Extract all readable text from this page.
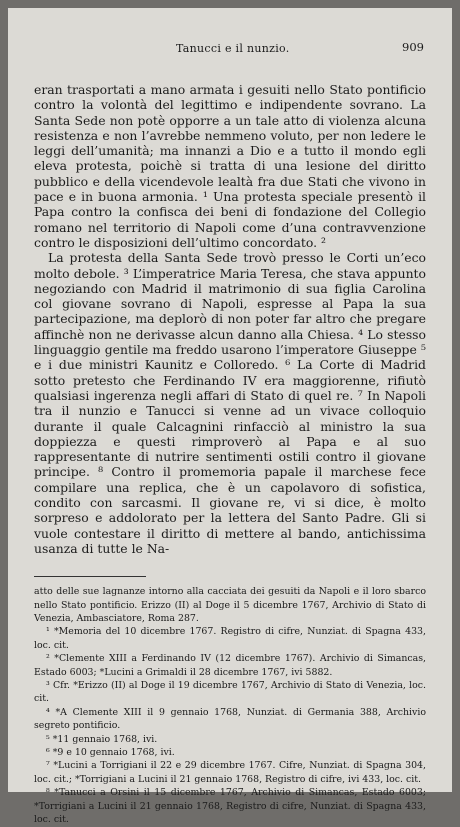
Tanucci e il nunzio.	909

eran trasportati a mano armata i gesuiti nello Stato pontificio contro la volontà del legittimo e indipendente sovrano. La Santa Sede non potè opporre a un tale atto di violenza alcuna resistenza e non l’avrebbe nemmeno voluto, per non ledere le leggi dell’umanità; ma innanzi a Dio e a tutto il mondo egli eleva protesta, poichè si tratta di una lesione del diritto pubblico e della vicendevole lealtà fra due Stati che vivono in pace e in buona armonia. ¹ Una protesta speciale presentò il Papa contro la confisca dei beni di fondazione del Collegio romano nel territorio di Napoli come d’una contravvenzione contro le disposizioni dell’ultimo concordato. ²

La protesta della Santa Sede trovò presso le Corti un’eco molto debole. ³ L’imperatrice Maria Teresa, che stava appunto negoziando con Madrid il matrimonio di sua figlia Carolina col giovane sovrano di Napoli, espresse al Papa la sua partecipazione, ma deplorò di non poter far altro che pregare affinchè non ne derivasse alcun danno alla Chiesa. ⁴ Lo stesso linguaggio gentile ma freddo usarono l’imperatore Giuseppe ⁵ e i due ministri Kaunitz e Colloredo. ⁶ La Corte di Madrid sotto pretesto che Ferdinando IV era maggiorenne, rifiutò qualsiasi ingerenza negli affari di Stato di quel re. ⁷ In Napoli tra il nunzio e Tanucci si venne ad un vivace colloquio durante il quale Calcagnini rinfacciò al ministro la sua doppiezza e questi rimproverò al Papa e al suo rappresentante di nutrire sentimenti ostili contro il giovane principe. ⁸ Contro il promemoria papale il marchese fece compilare una replica, che è un capolavoro di sofistica, condito con sarcasmi. Il giovane re, vi si dice, è molto sorpreso e addolorato per la lettera del Santo Padre. Gli si vuole contestare il diritto di mettere al bando, antichissima usanza di tutte le Na-

atto delle sue lagnanze intorno alla cacciata dei gesuiti da Napoli e il loro sbarco nello Stato pontificio. Erizzo (II) al Doge il 5 dicembre 1767, Archivio di Stato di Venezia, Ambasciatore, Roma 287.

¹ *Memoria del 10 dicembre 1767. Registro di cifre, Nunziat. di Spagna 433, loc. cit.

² *Clemente XIII a Ferdinando IV (12 dicembre 1767). Archivio di Simancas, Estado 6003; *Lucini a Grimaldi il 28 dicembre 1767, ivi 5882.

³ Cfr. *Erizzo (II) al Doge il 19 dicembre 1767, Archivio di Stato di Venezia, loc. cit.

⁴ *A Clemente XIII il 9 gennaio 1768, Nunziat. di Germania 388, Archivio segreto pontificio.

⁵ *11 gennaio 1768, ivi.

⁶ *9 e 10 gennaio 1768, ivi.

⁷ *Lucini a Torrigiani il 22 e 29 dicembre 1767. Cifre, Nunziat. di Spagna 304, loc. cit.; *Torrigiani a Lucini il 21 gennaio 1768, Registro di cifre, ivi 433, loc. cit.

⁸ *Tanucci a Orsini il 15 dicembre 1767, Archivio di Simancas, Estado 6003; *Torrigiani a Lucini il 21 gennaio 1768, Registro di cifre, Nunziat. di Spagna 433, loc. cit.
